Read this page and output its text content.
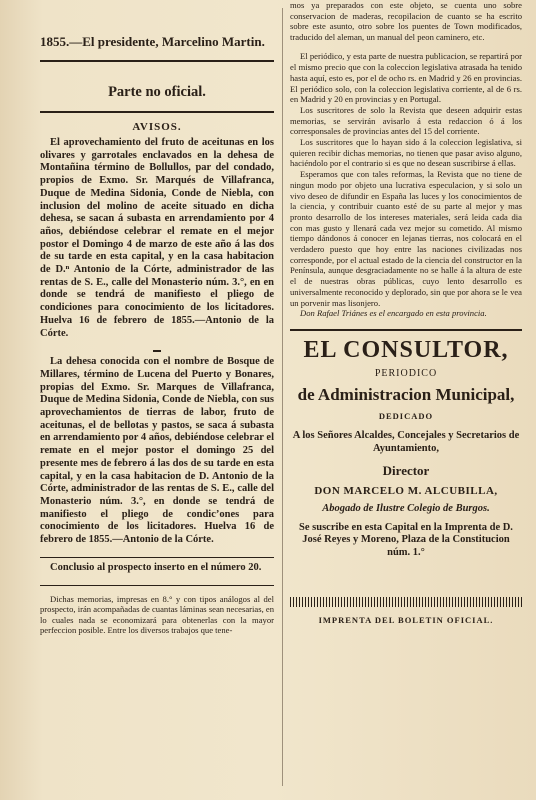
1855.—El presidente, Marcelino Martin.
Parte no oficial.
AVISOS.

El aprovechamiento del fruto de aceitunas en los olivares y garrotales enclavados en la dehesa de Montañina término de Bollullos, par del condado, propios de Exmo. Sr. Marqués de Villafranca, Duque de Medina Sidonia, Conde de Niebla, con inclusion del molino de aceite situado en dicha dehesa, se sacan á subasta en arrendamiento por 4 años, debiéndose celebrar el remate en el mejor postor el Domingo 4 de marzo de este año á las dos de su tarde en esta capital, y en la casa habitacion de D.ⁿ Antonio de la Córte, administrador de las rentas de S. E., calle del Monasterio núm. 3.°, en en donde se tendrá de manifiesto el pliego de condiciones para conocimiento de los licitadores. Huelva 16 de febrero de 1855.—Antonio de la Córte.

La dehesa conocida con el nombre de Bosque de Millares, término de Lucena del Puerto y Bonares, propias del Exmo. Sr. Marques de Villafranca, Duque de Medina Sidonia, Conde de Niebla, con sus aprovechamientos de tierras de labor, fruto de aceitunas, el de bellotas y pastos, se saca á subasta en arrendamiento por 4 años, debiéndose celebrar el remate en el mejor postor el domingo 25 del presente mes de febrero á las dos de su tarde en esta capital, y en la casa habitacion de D. Antonio de la Córte, administrador de las rentas de S. E., calle del Monasterio núm. 3.°, en donde se tendrá de manifiesto el pliego de condic’ones para conocimiento de los licitadores. Huelva 16 de febrero de 1855.—Antonio de la Córte.

Conclusio al prospecto inserto en el número 20.

Dichas memorias, impresas en 8.° y con tipos análogos al del prospecto, irán acompañadas de cuantas láminas sean necesarias, en lo cuales nada se economizará para obtenerlas con la mayor perfeccion posible. Entre los diversos trabajos que tene-

mos ya preparados con este objeto, se cuenta uno sobre conservacion de maderas, recopilacion de cuanto se ha escrito sobre este asunto, otro sobre los puentes de Town modificados, traducido del aleman, un manual del peon caminero, etc.

El periódico, y esta parte de nuestra publicacion, se repartirá por el mismo precio que con la coleccion legislativa atrasada ha tenido hasta aquí, esto es, por el de ocho rs. en Madrid y 26 en provincias. El periódico solo, con la coleccion legislativa corriente, al de 6 rs. en Madrid y 20 en provincias y en Portugal.

Los suscritores de solo la Revista que deseen adquirir estas memorias, se servirán avisarlo á esta redaccion ó á los corresponsales de provincias antes del 15 del corriente.

Los suscritores que lo hayan sido á la coleccion legislativa, si quieren recibir dichas memorias, no tienen que pasar aviso alguno, haciéndolo por el contrario si es que no desean suscribirse á ellas.

Esperamos que con tales reformas, la Revista que no tiene de ningun modo por objeto una lucrativa especulacion, y si solo un vivo deseo de difundir en España las luces y los conocimientos de la ciencia, y contribuir cuanto esté de su parte al mejor y mas pronto desarrollo de los intereses materiales, será leida cada dia con mas gusto y llenará cada vez mejor su cometido. Al mismo tiempo dándonos á conocer en lejanas tierras, nos colocará en el verdadero puesto que hoy entre las naciones civilizadas nos corresponde, por el actual estado de la ciencia del constructor en la Península, aunque desgraciadamente no se halle á la altura de este el de nuestras obras públicas, cuyo lento desarrollo es universalmente reconocido y deplorado, sin que por ahora se le vea un porvenir mas lisonjero.

Don Rafael Triánes es el encargado en esta provincia.
EL CONSULTOR,
PERIODICO
de Administracion Municipal,
DEDICADO
A los Señores Alcaldes, Concejales y Secretarios de Ayuntamiento,
Director
DON MARCELO M. ALCUBILLA,
Abogado de Ilustre Colegio de Burgos.
Se suscribe en esta Capital en la Imprenta de D. José Reyes y Moreno, Plaza de la Constitucion núm. 1.°
IMPRENTA DEL BOLETIN OFICIAL.
